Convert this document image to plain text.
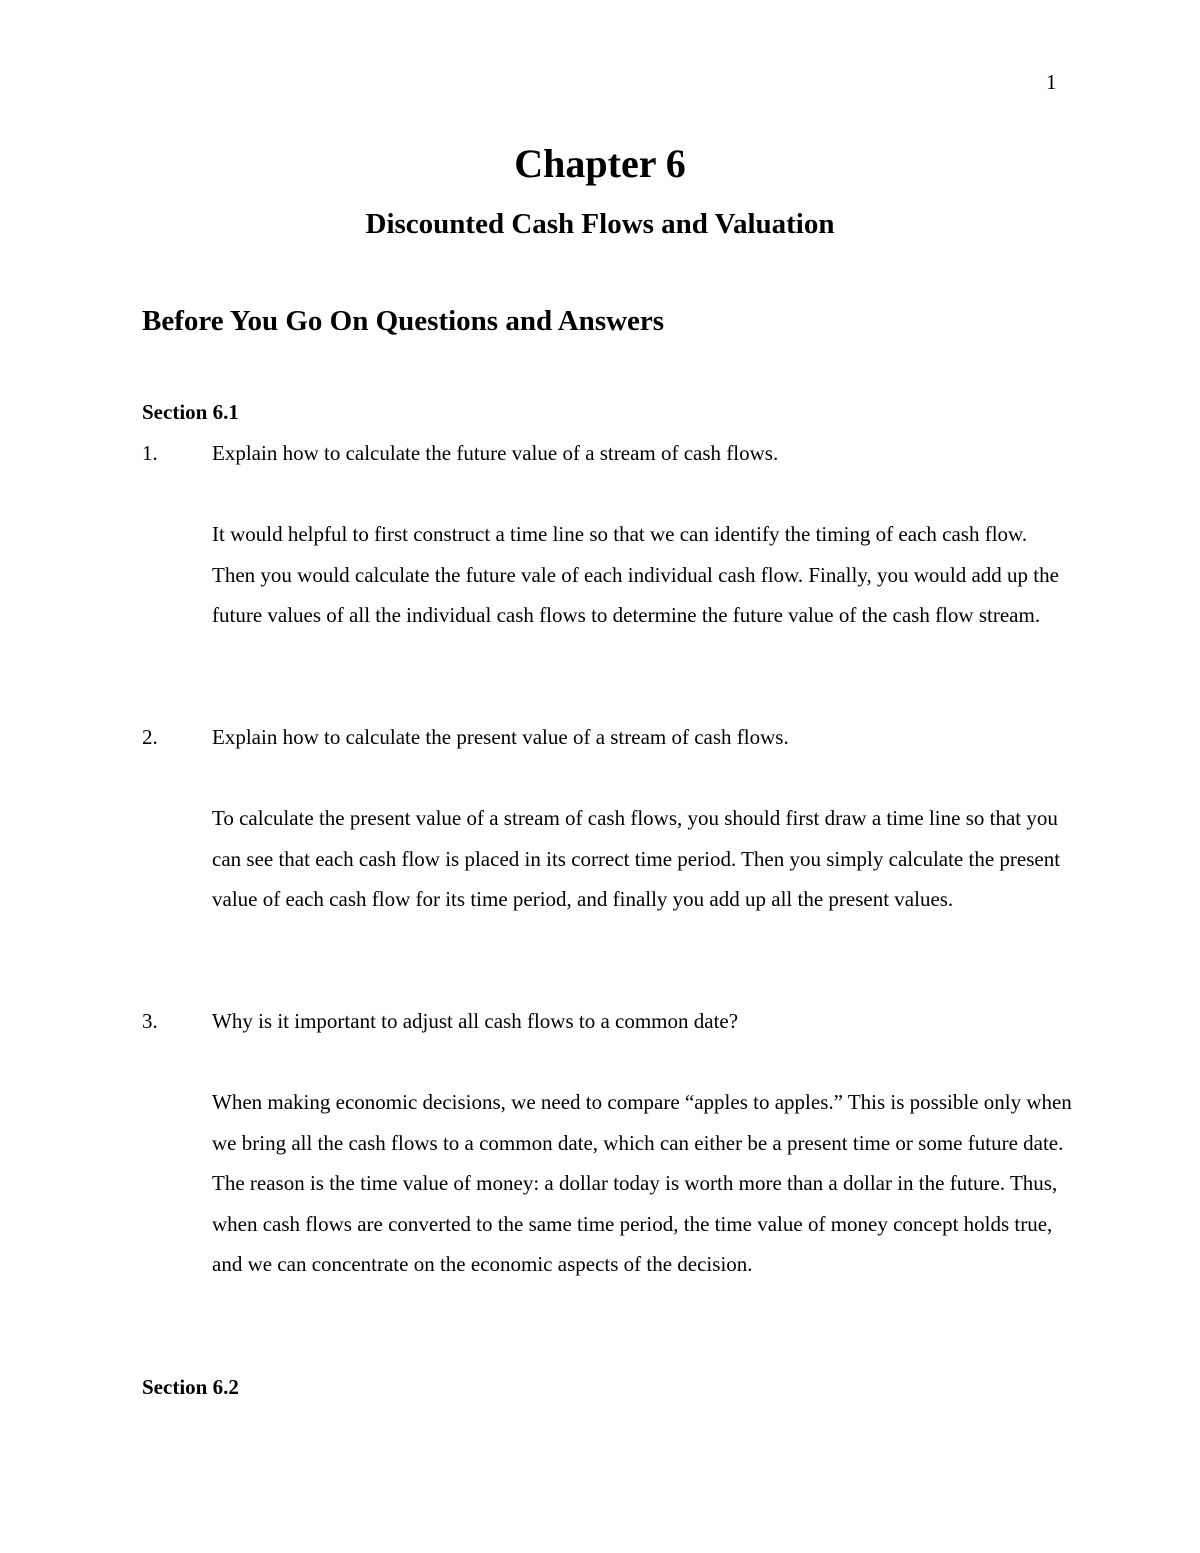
1
Chapter 6
Discounted Cash Flows and Valuation
Before You Go On Questions and Answers
Section 6.1
1.	Explain how to calculate the future value of a stream of cash flows.

It would helpful to first construct a time line so that we can identify the timing of each cash flow. Then you would calculate the future vale of each individual cash flow. Finally, you would add up the future values of all the individual cash flows to determine the future value of the cash flow stream.

2.	Explain how to calculate the present value of a stream of cash flows.

To calculate the present value of a stream of cash flows, you should first draw a time line so that you can see that each cash flow is placed in its correct time period. Then you simply calculate the present value of each cash flow for its time period, and finally you add up all the present values.

3.	Why is it important to adjust all cash flows to a common date?

When making economic decisions, we need to compare “apples to apples.” This is possible only when we bring all the cash flows to a common date, which can either be a present time or some future date. The reason is the time value of money: a dollar today is worth more than a dollar in the future. Thus, when cash flows are converted to the same time period, the time value of money concept holds true, and we can concentrate on the economic aspects of the decision.

Section 6.2
